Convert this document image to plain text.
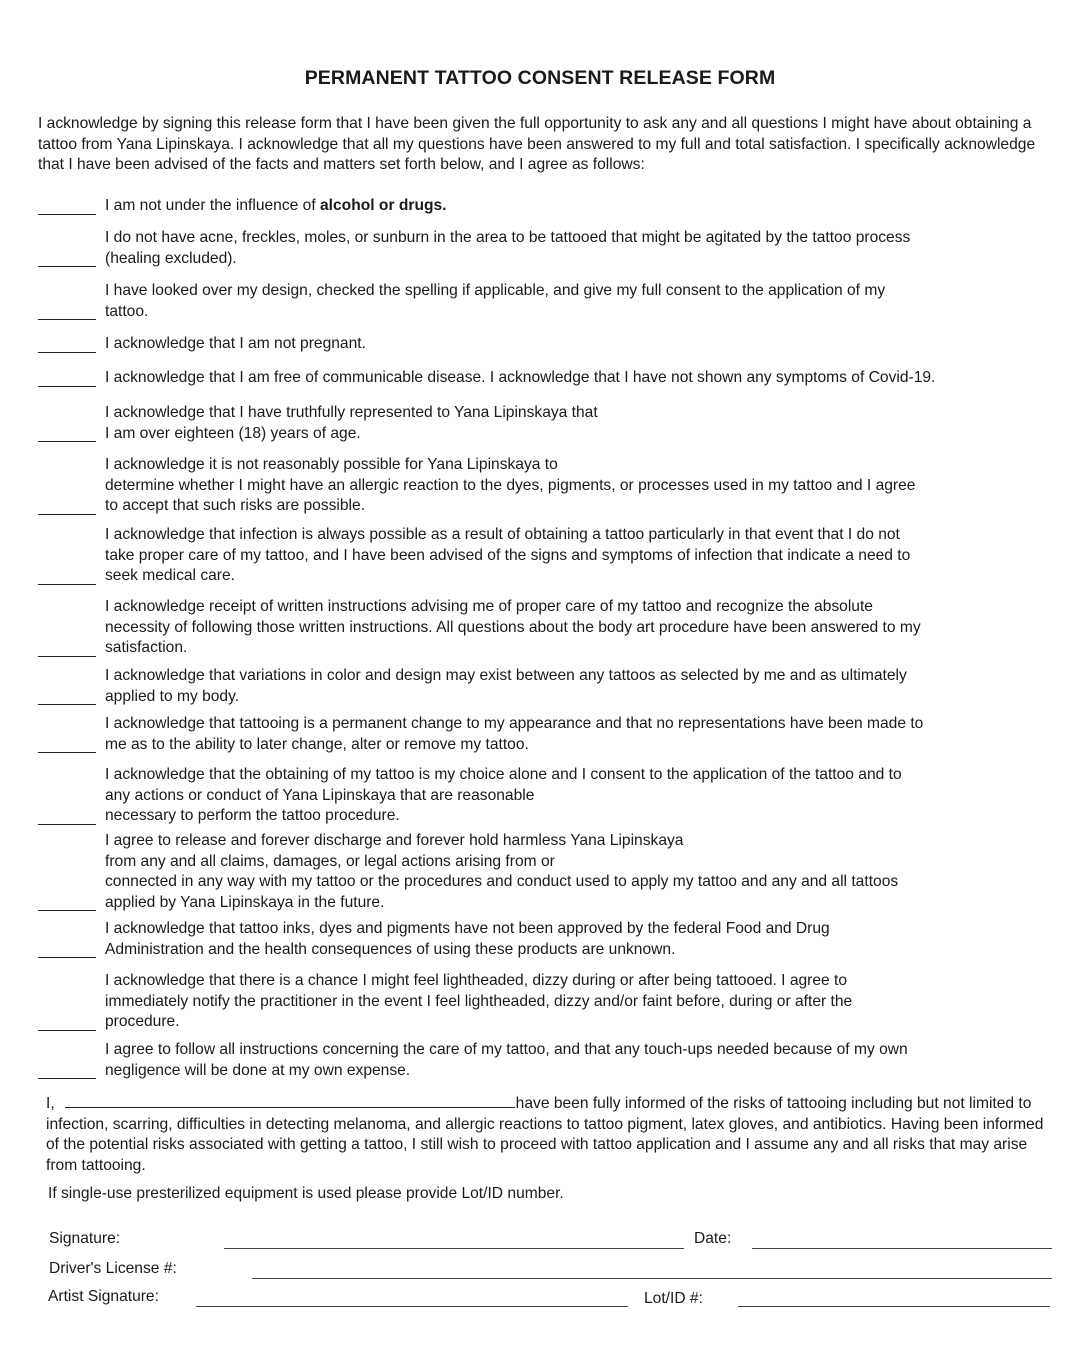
PERMANENT TATTOO CONSENT RELEASE FORM
I acknowledge by signing this release form that I have been given the full opportunity to ask any and all questions I might have about obtaining a tattoo from Yana Lipinskaya. I acknowledge that all my questions have been answered to my full and total satisfaction. I specifically acknowledge that I have been advised of the facts and matters set forth below, and I agree as follows:
I am not under the influence of alcohol or drugs.
I do not have acne, freckles, moles, or sunburn in the area to be tattooed that might be agitated by the tattoo process
(healing excluded).
I have looked over my design, checked the spelling if applicable, and give my full consent to the application of my
tattoo.
I acknowledge that I am not pregnant.
I acknowledge that I am free of communicable disease. I acknowledge that I have not shown any symptoms of Covid-19.
I acknowledge that I have truthfully represented to Yana Lipinskaya that
I am over eighteen (18) years of age.
I acknowledge it is not reasonably possible for Yana Lipinskaya to
determine whether I might have an allergic reaction to the dyes, pigments, or processes used in my tattoo and I agree
to accept that such risks are possible.
I acknowledge that infection is always possible as a result of obtaining a tattoo particularly in that event that I do not
take proper care of my tattoo, and I have been advised of the signs and symptoms of infection that indicate a need to
seek medical care.
I acknowledge receipt of written instructions advising me of proper care of my tattoo and recognize the absolute
necessity of following those written instructions. All questions about the body art procedure have been answered to my
satisfaction.
I acknowledge that variations in color and design may exist between any tattoos as selected by me and as ultimately
applied to my body.
I acknowledge that tattooing is a permanent change to my appearance and that no representations have been made to
me as to the ability to later change, alter or remove my tattoo.
I acknowledge that the obtaining of my tattoo is my choice alone and I consent to the application of the tattoo and to
any actions or conduct of Yana Lipinskaya that are reasonable
necessary to perform the tattoo procedure.
I agree to release and forever discharge and forever hold harmless Yana Lipinskaya
from any and all claims, damages, or legal actions arising from or
connected in any way with my tattoo or the procedures and conduct used to apply my tattoo and any and all tattoos
applied by Yana Lipinskaya in the future.
I acknowledge that tattoo inks, dyes and pigments have not been approved by the federal Food and Drug
Administration and the health consequences of using these products are unknown.
I acknowledge that there is a chance I might feel lightheaded, dizzy during or after being tattooed. I agree to
immediately notify the practitioner in the event I feel lightheaded, dizzy and/or faint before, during or after the
procedure.
I agree to follow all instructions concerning the care of my tattoo, and that any touch-ups needed because of my own
negligence will be done at my own expense.
I,	have been fully informed of the risks of tattooing including but not limited to infection, scarring, difficulties in detecting melanoma, and allergic reactions to tattoo pigment, latex gloves, and antibiotics. Having been informed of the potential risks associated with getting a tattoo, I still wish to proceed with tattoo application and I assume any and all risks that may arise from tattooing.
If single-use presterilized equipment is used please provide Lot/ID number.
Signature:	Date:
Driver's License #:
Artist Signature:	Lot/ID #:
